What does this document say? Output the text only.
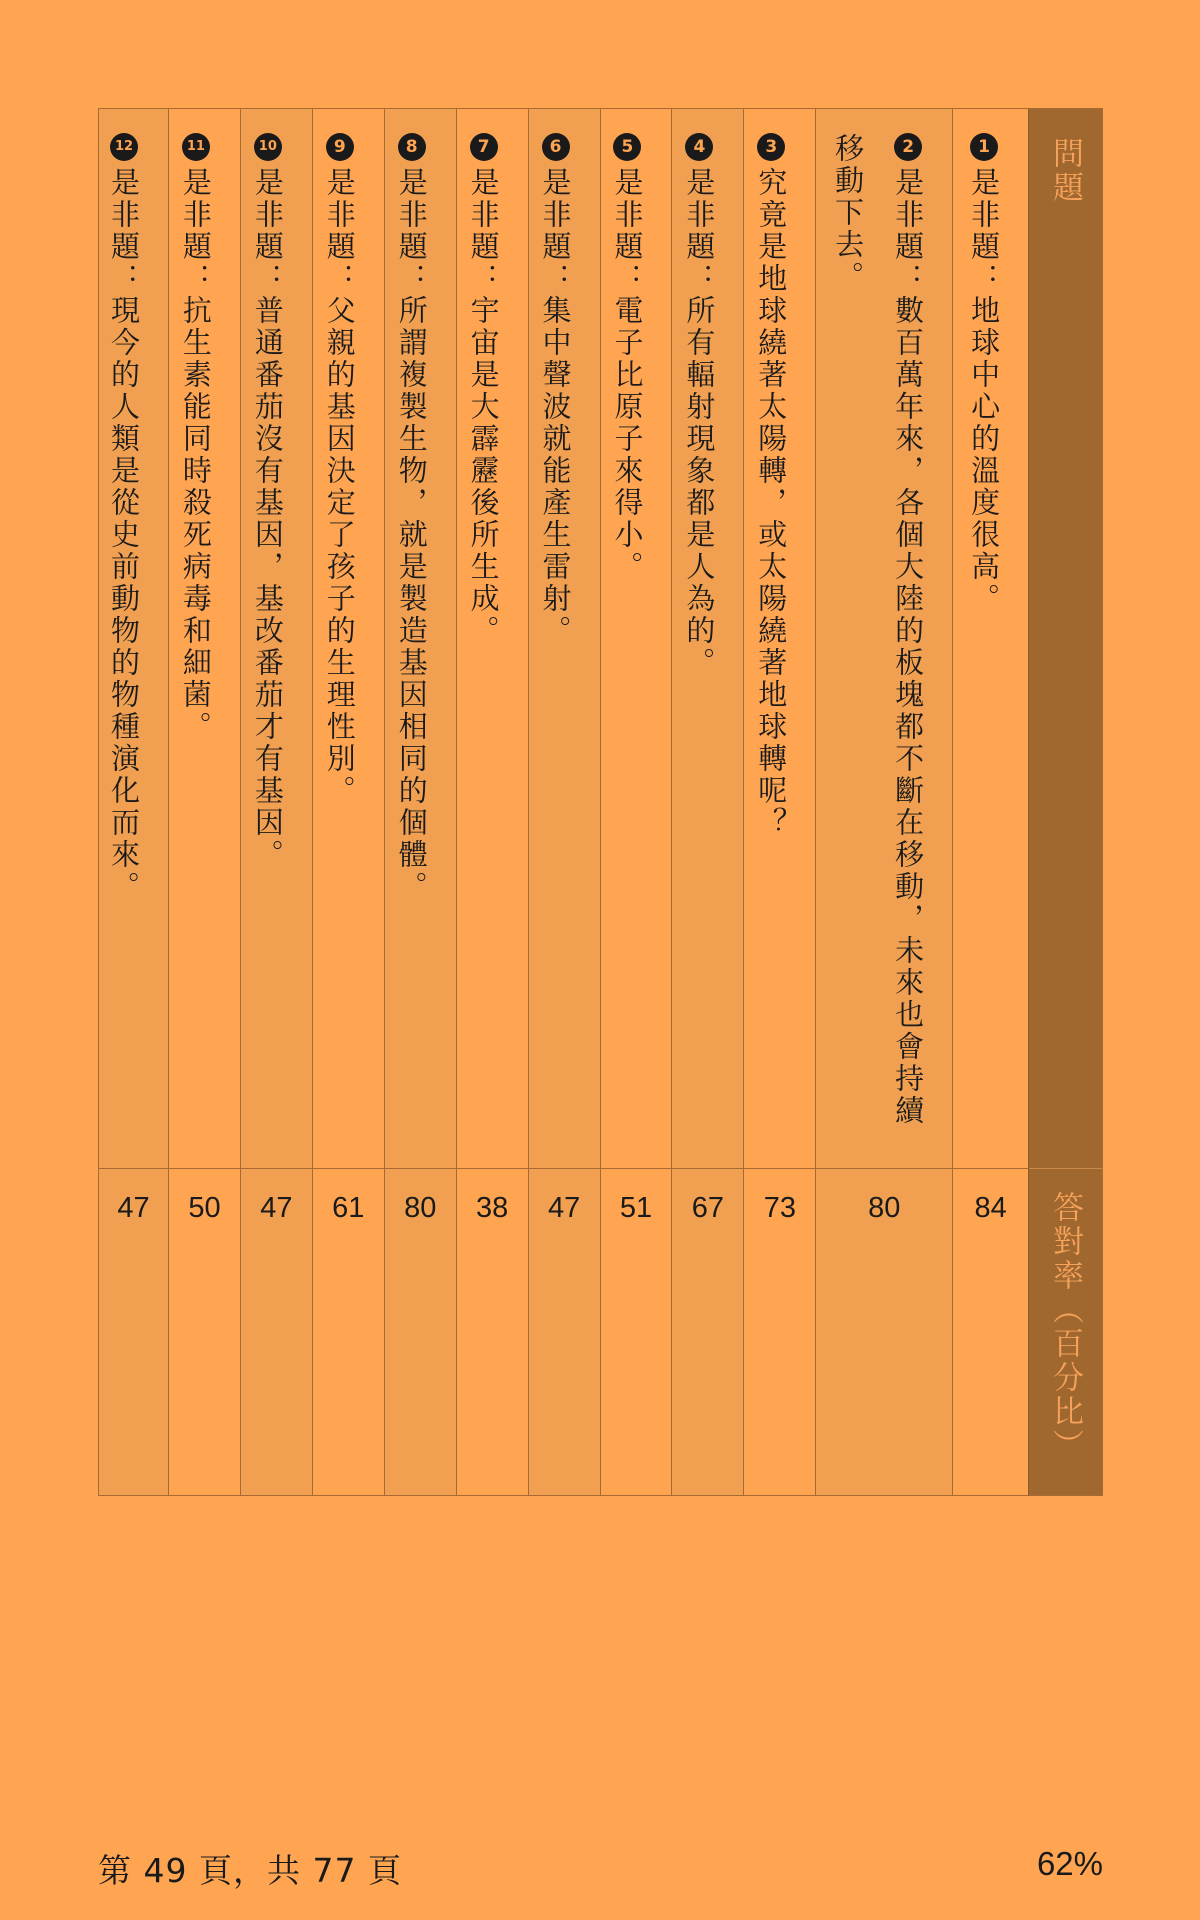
問題
答對率（百分比）
1是非題：地球中心的溫度很高。
84
2是非題：數百萬年來，各個大陸的板塊都不斷在移動，未來也會持續移動下去。
80
3究竟是地球繞著太陽轉，或太陽繞著地球轉呢？
73
4是非題：所有輻射現象都是人為的。
67
5是非題：電子比原子來得小。
51
6是非題：集中聲波就能產生雷射。
47
7是非題：宇宙是大霹靂後所生成。
38
8是非題：所謂複製生物，就是製造基因相同的個體。
80
9是非題：父親的基因決定了孩子的生理性別。
61
10是非題：普通番茄沒有基因，基改番茄才有基因。
47
11是非題：抗生素能同時殺死病毒和細菌。
50
12是非題：現今的人類是從史前動物的物種演化而來。
47
第 49 頁，共 77 頁	62%
